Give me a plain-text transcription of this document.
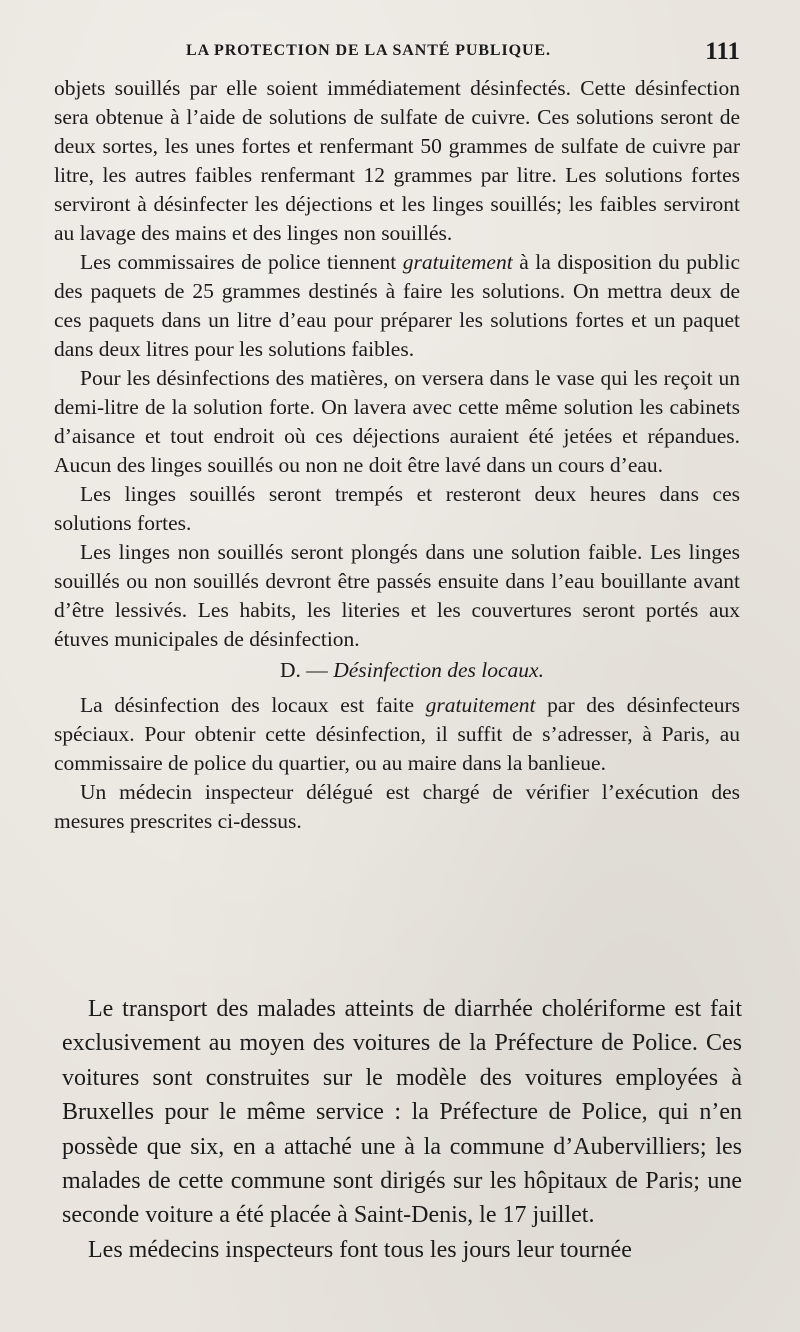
LA PROTECTION DE LA SANTÉ PUBLIQUE.	111

objets souillés par elle soient immédiatement désinfectés. Cette désinfection sera obtenue à l’aide de solutions de sulfate de cuivre. Ces solutions seront de deux sortes, les unes fortes et renfermant 50 grammes de sulfate de cuivre par litre, les autres faibles renfermant 12 grammes par litre. Les solutions fortes serviront à désinfecter les déjections et les linges souillés; les faibles serviront au lavage des mains et des linges non souillés.

Les commissaires de police tiennent gratuitement à la disposition du public des paquets de 25 grammes destinés à faire les solutions. On mettra deux de ces paquets dans un litre d’eau pour préparer les solutions fortes et un paquet dans deux litres pour les solutions faibles.

Pour les désinfections des matières, on versera dans le vase qui les reçoit un demi-litre de la solution forte. On lavera avec cette même solution les cabinets d’aisance et tout endroit où ces déjections auraient été jetées et répandues. Aucun des linges souillés ou non ne doit être lavé dans un cours d’eau.

Les linges souillés seront trempés et resteront deux heures dans ces solutions fortes.

Les linges non souillés seront plongés dans une solution faible. Les linges souillés ou non souillés devront être passés ensuite dans l’eau bouillante avant d’être lessivés. Les habits, les literies et les couvertures seront portés aux étuves municipales de désinfection.

D. — Désinfection des locaux.

La désinfection des locaux est faite gratuitement par des désinfecteurs spéciaux. Pour obtenir cette désinfection, il suffit de s’adresser, à Paris, au commissaire de police du quartier, ou au maire dans la banlieue.

Un médecin inspecteur délégué est chargé de vérifier l’exécution des mesures prescrites ci-dessus.

Le transport des malades atteints de diarrhée cholériforme est fait exclusivement au moyen des voitures de la Préfecture de Police. Ces voitures sont construites sur le modèle des voitures employées à Bruxelles pour le même service : la Préfecture de Police, qui n’en possède que six, en a attaché une à la commune d’Aubervilliers; les malades de cette commune sont dirigés sur les hôpitaux de Paris; une seconde voiture a été placée à Saint-Denis, le 17 juillet.

Les médecins inspecteurs font tous les jours leur tournée
